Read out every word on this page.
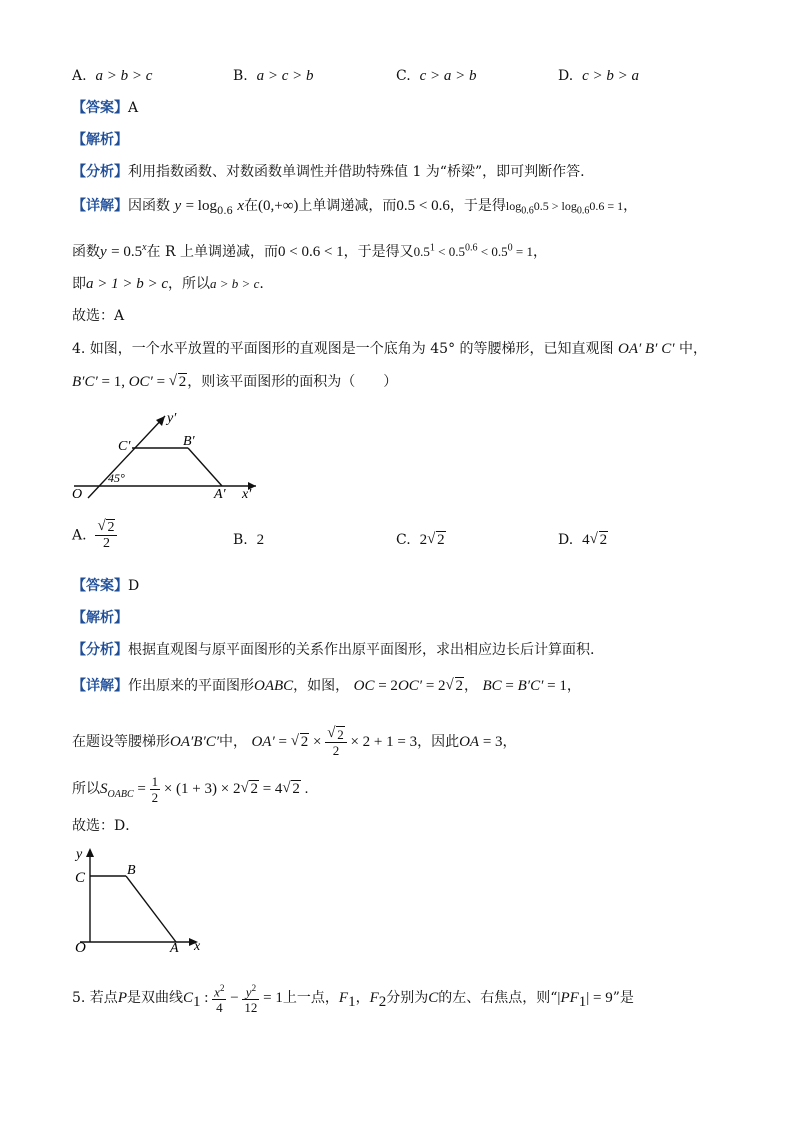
A. a > b > c	B. a > c > b	C. c > a > b	D. c > b > a
【答案】A
【解析】
【分析】利用指数函数、对数函数单调性并借助特殊值 1 为“桥梁”，即可判断作答.
【详解】因函数 $y = \log_{0.6} x$在(0,+∞)上单调递减，而0.5 < 0.6，于是得$\log_{0.6}0.5 > \log_{0.6}0.6 = 1$，
函数$y = 0.5^x$在 R 上单调递减，而0 < 0.6 < 1，于是得又$0.5^1 < 0.5^{0.6} < 0.5^0 = 1$，
即a > 1 > b > c，所以a > b > c.
故选：A
4. 如图，一个水平放置的平面图形的直观图是一个底角为 45° 的等腰梯形，已知直观图 OA′ B′ C′ 中，
B′C′ = 1, OC′ = √ 2，则该平面图形的面积为（　　）
y′
x′
C′	B′
O	A′
45°
A.
√ $\frac{2}{2}$	B. 2	C. 2√ 2	D. 4√ 2
【答案】D
【解析】
【分析】根据直观图与原平面图形的关系作出原平面图形，求出相应边长后计算面积.
【详解】作出原来的平面图形OABC，如图， OC = 2OC′ = 2√ 2， BC = B′C′ = 1，
在题设等腰梯形OA′B′C′中， OA′ = √ 2 ×
√ $\frac{2}{2} \times 2 + 1 = 3$，因此OA = 3，
所以$S_{OABC} = \frac{1}{2} \times (1 + 3) \times 2√$ 2 = 4√ 2 .
故选：D．
y
x
C	B
O	A
5. 若点P是双曲线$C_1$ : $\frac{x^2}{4} - \frac{y^2}{12} = 1$上一点，$F_1$，$F_2$分别为C的左、右焦点，则“$|PF_1| = 9$”是
